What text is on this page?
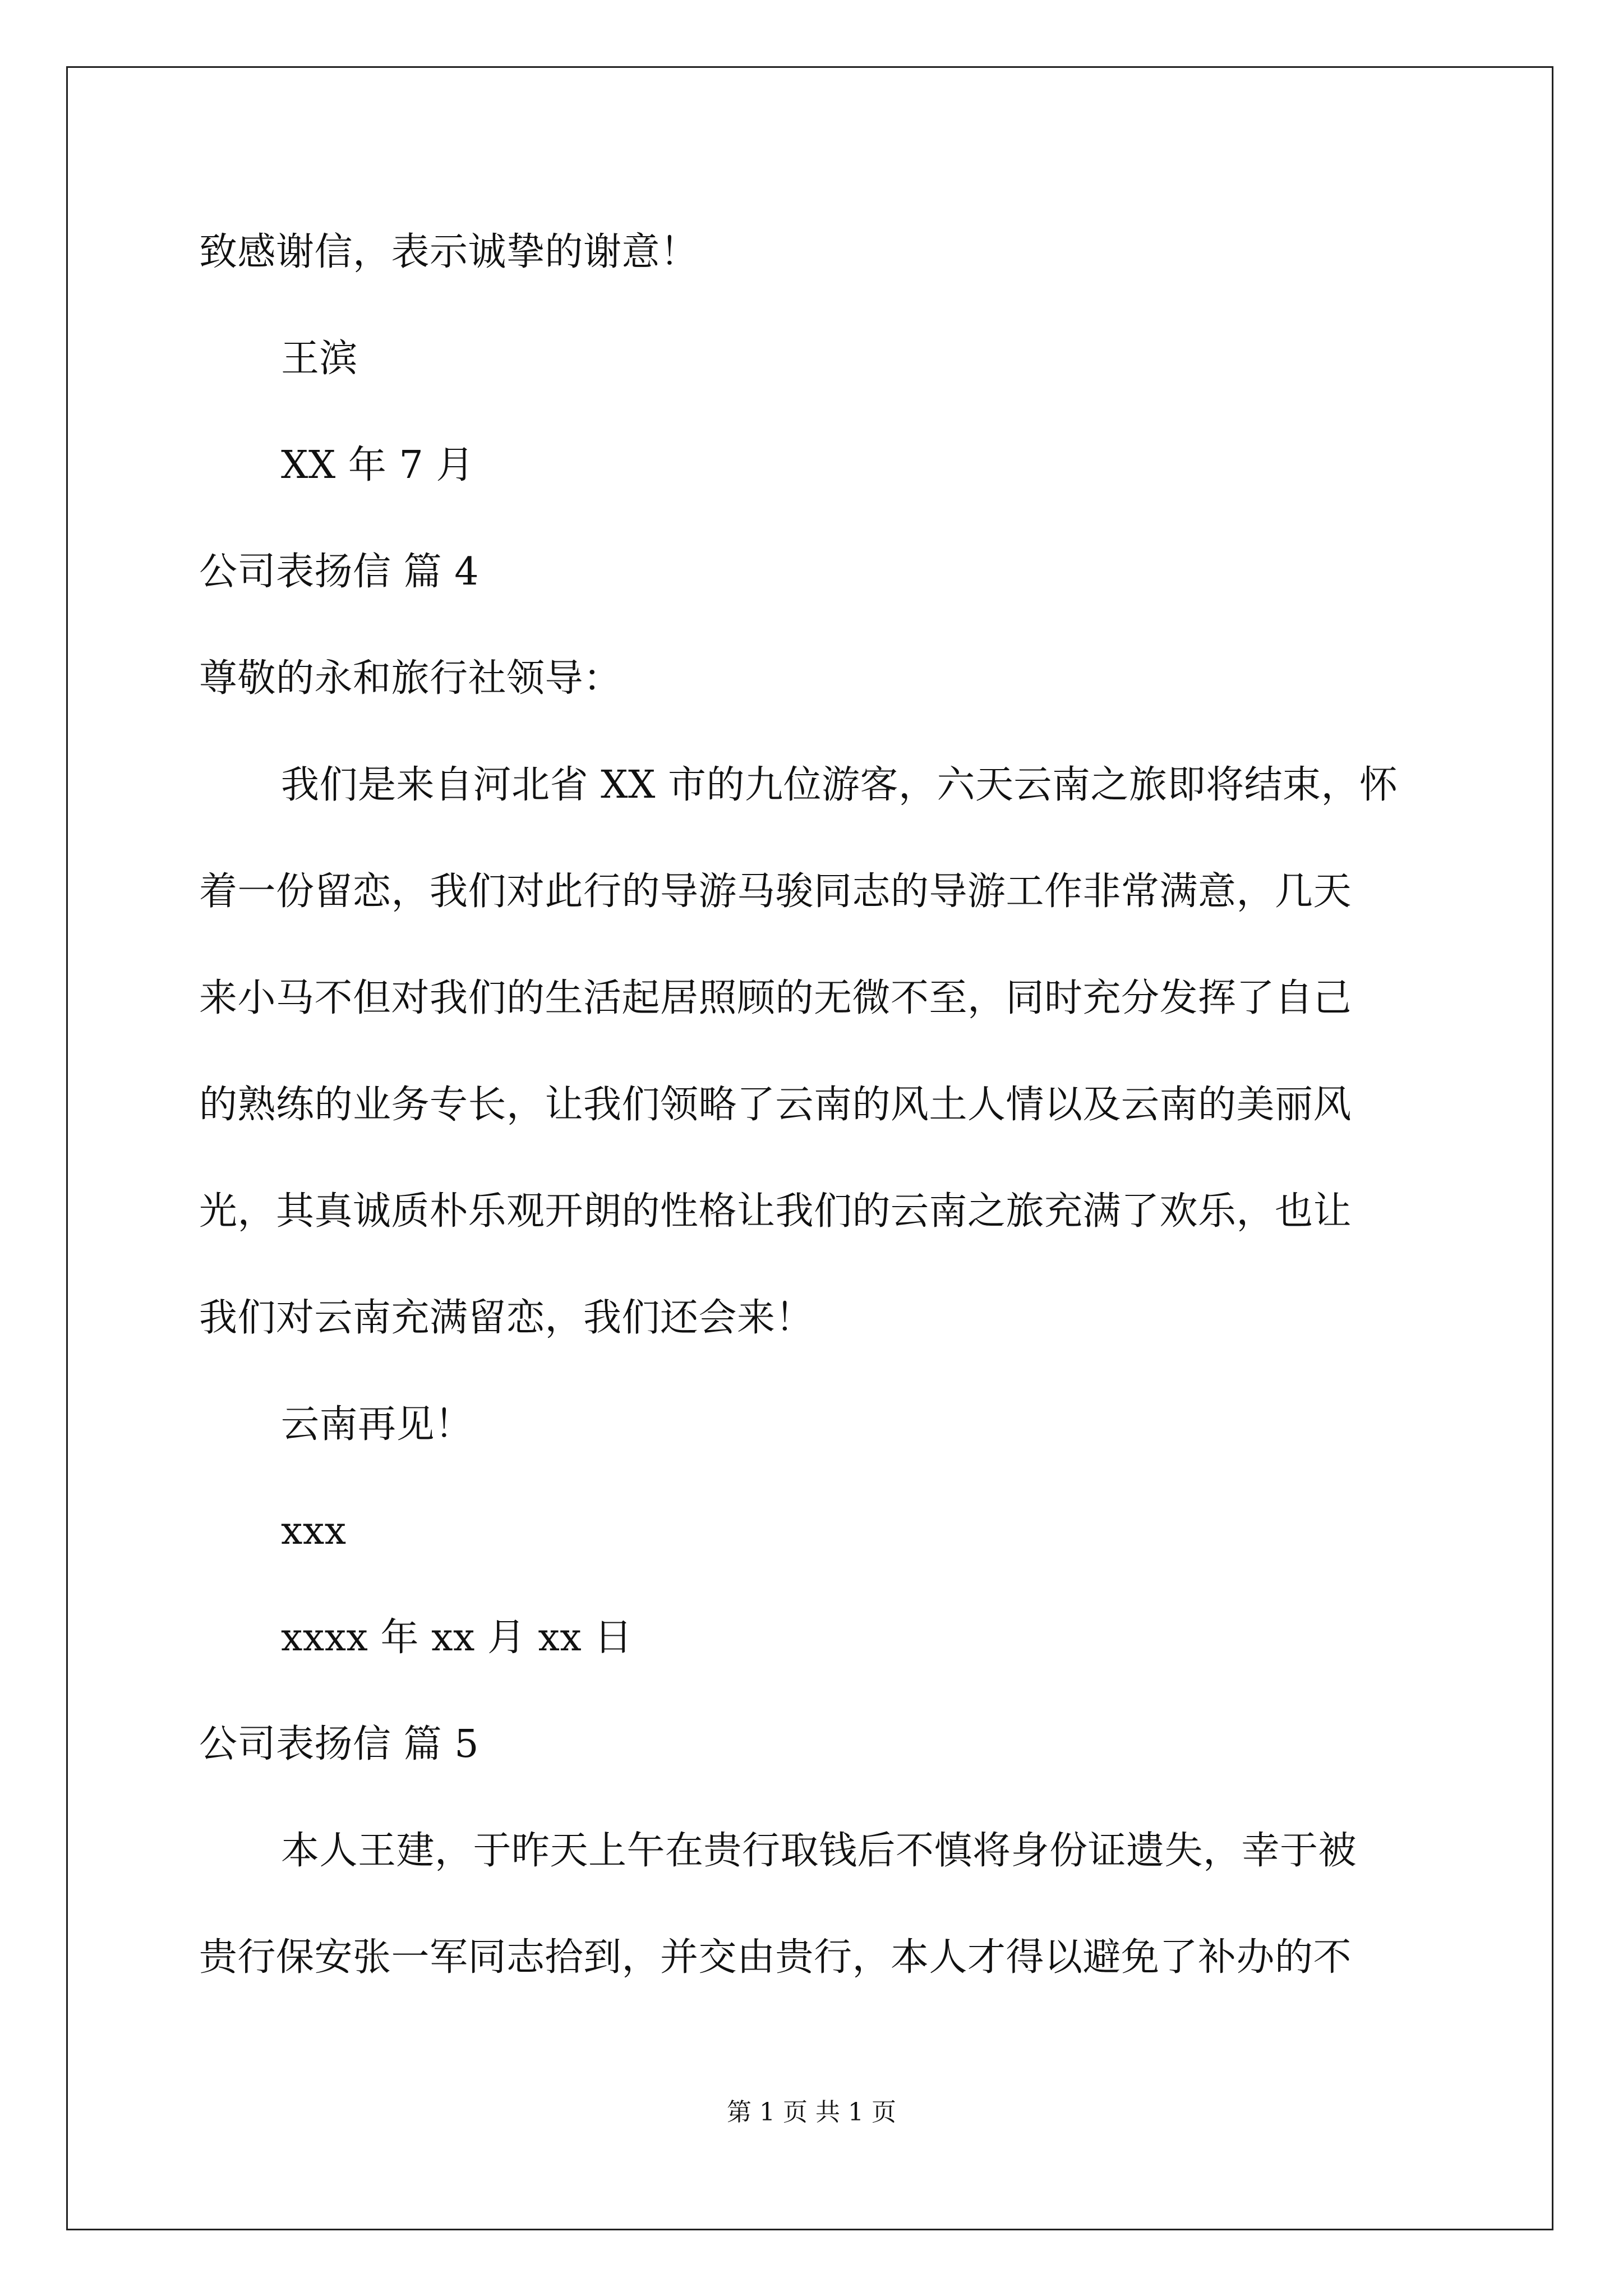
致感谢信，表示诚挚的谢意！
王滨
XX 年 7 月
公司表扬信 篇 4
尊敬的永和旅行社领导：
我们是来自河北省 XX 市的九位游客，六天云南之旅即将结束，怀
着一份留恋，我们对此行的导游马骏同志的导游工作非常满意，几天
来小马不但对我们的生活起居照顾的无微不至，同时充分发挥了自己
的熟练的业务专长，让我们领略了云南的风土人情以及云南的美丽风
光，其真诚质朴乐观开朗的性格让我们的云南之旅充满了欢乐，也让
我们对云南充满留恋，我们还会来！
云南再见！
xxx
xxxx 年 xx 月 xx 日
公司表扬信 篇 5
本人王建，于昨天上午在贵行取钱后不慎将身份证遗失，幸于被
贵行保安张一军同志拾到，并交由贵行，本人才得以避免了补办的不
第 1 页 共 1 页
